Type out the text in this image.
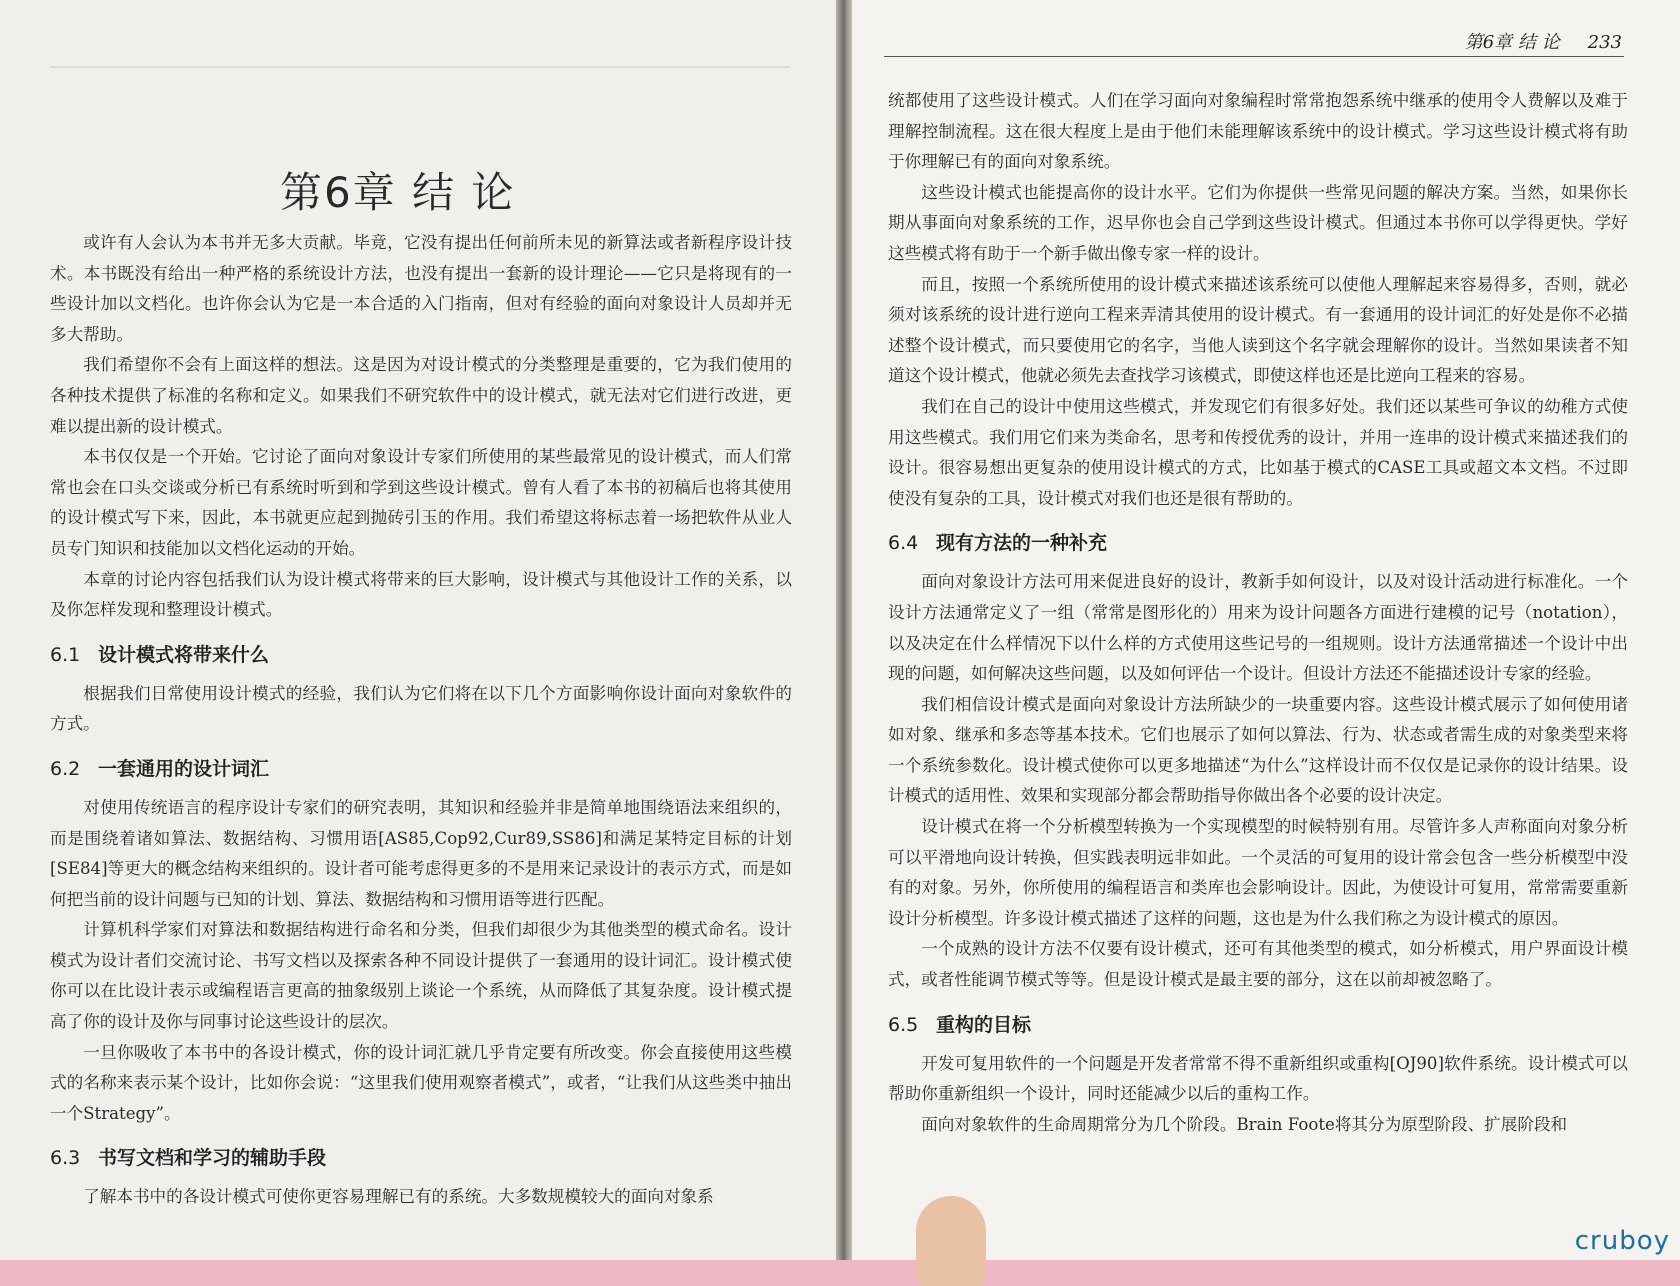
第6章 结 论

或许有人会认为本书并无多大贡献。毕竟，它没有提出任何前所未见的新算法或者新程序设计技术。本书既没有给出一种严格的系统设计方法，也没有提出一套新的设计理论——它只是将现有的一些设计加以文档化。也许你会认为它是一本合适的入门指南，但对有经验的面向对象设计人员却并无多大帮助。

我们希望你不会有上面这样的想法。这是因为对设计模式的分类整理是重要的，它为我们使用的各种技术提供了标准的名称和定义。如果我们不研究软件中的设计模式，就无法对它们进行改进，更难以提出新的设计模式。

本书仅仅是一个开始。它讨论了面向对象设计专家们所使用的某些最常见的设计模式，而人们常常也会在口头交谈或分析已有系统时听到和学到这些设计模式。曾有人看了本书的初稿后也将其使用的设计模式写下来，因此，本书就更应起到抛砖引玉的作用。我们希望这将标志着一场把软件从业人员专门知识和技能加以文档化运动的开始。

本章的讨论内容包括我们认为设计模式将带来的巨大影响，设计模式与其他设计工作的关系，以及你怎样发现和整理设计模式。

6.1 设计模式将带来什么

根据我们日常使用设计模式的经验，我们认为它们将在以下几个方面影响你设计面向对象软件的方式。

6.2 一套通用的设计词汇

对使用传统语言的程序设计专家们的研究表明，其知识和经验并非是简单地围绕语法来组织的，而是围绕着诸如算法、数据结构、习惯用语[AS85,Cop92,Cur89,SS86]和满足某特定目标的计划[SE84]等更大的概念结构来组织的。设计者可能考虑得更多的不是用来记录设计的表示方式，而是如何把当前的设计问题与已知的计划、算法、数据结构和习惯用语等进行匹配。

计算机科学家们对算法和数据结构进行命名和分类，但我们却很少为其他类型的模式命名。设计模式为设计者们交流讨论、书写文档以及探索各种不同设计提供了一套通用的设计词汇。设计模式使你可以在比设计表示或编程语言更高的抽象级别上谈论一个系统，从而降低了其复杂度。设计模式提高了你的设计及你与同事讨论这些设计的层次。

一旦你吸收了本书中的各设计模式，你的设计词汇就几乎肯定要有所改变。你会直接使用这些模式的名称来表示某个设计，比如你会说：“这里我们使用观察者模式”，或者，“让我们从这些类中抽出一个Strategy”。

6.3 书写文档和学习的辅助手段

了解本书中的各设计模式可使你更容易理解已有的系统。大多数规模较大的面向对象系

第6章 结 论 233

统都使用了这些设计模式。人们在学习面向对象编程时常常抱怨系统中继承的使用令人费解以及难于理解控制流程。这在很大程度上是由于他们未能理解该系统中的设计模式。学习这些设计模式将有助于你理解已有的面向对象系统。

这些设计模式也能提高你的设计水平。它们为你提供一些常见问题的解决方案。当然，如果你长期从事面向对象系统的工作，迟早你也会自己学到这些设计模式。但通过本书你可以学得更快。学好这些模式将有助于一个新手做出像专家一样的设计。

而且，按照一个系统所使用的设计模式来描述该系统可以使他人理解起来容易得多，否则，就必须对该系统的设计进行逆向工程来弄清其使用的设计模式。有一套通用的设计词汇的好处是你不必描述整个设计模式，而只要使用它的名字，当他人读到这个名字就会理解你的设计。当然如果读者不知道这个设计模式，他就必须先去查找学习该模式，即使这样也还是比逆向工程来的容易。

我们在自己的设计中使用这些模式，并发现它们有很多好处。我们还以某些可争议的幼稚方式使用这些模式。我们用它们来为类命名，思考和传授优秀的设计，并用一连串的设计模式来描述我们的设计。很容易想出更复杂的使用设计模式的方式，比如基于模式的CASE工具或超文本文档。不过即使没有复杂的工具，设计模式对我们也还是很有帮助的。

6.4 现有方法的一种补充

面向对象设计方法可用来促进良好的设计，教新手如何设计，以及对设计活动进行标准化。一个设计方法通常定义了一组（常常是图形化的）用来为设计问题各方面进行建模的记号（notation），以及决定在什么样情况下以什么样的方式使用这些记号的一组规则。设计方法通常描述一个设计中出现的问题，如何解决这些问题，以及如何评估一个设计。但设计方法还不能描述设计专家的经验。

我们相信设计模式是面向对象设计方法所缺少的一块重要内容。这些设计模式展示了如何使用诸如对象、继承和多态等基本技术。它们也展示了如何以算法、行为、状态或者需生成的对象类型来将一个系统参数化。设计模式使你可以更多地描述“为什么”这样设计而不仅仅是记录你的设计结果。设计模式的适用性、效果和实现部分都会帮助指导你做出各个必要的设计决定。

设计模式在将一个分析模型转换为一个实现模型的时候特别有用。尽管许多人声称面向对象分析可以平滑地向设计转换，但实践表明远非如此。一个灵活的可复用的设计常会包含一些分析模型中没有的对象。另外，你所使用的编程语言和类库也会影响设计。因此，为使设计可复用，常常需要重新设计分析模型。许多设计模式描述了这样的问题，这也是为什么我们称之为设计模式的原因。

一个成熟的设计方法不仅要有设计模式，还可有其他类型的模式，如分析模式，用户界面设计模式，或者性能调节模式等等。但是设计模式是最主要的部分，这在以前却被忽略了。

6.5 重构的目标

开发可复用软件的一个问题是开发者常常不得不重新组织或重构[OJ90]软件系统。设计模式可以帮助你重新组织一个设计，同时还能减少以后的重构工作。

面向对象软件的生命周期常分为几个阶段。Brain Foote将其分为原型阶段、扩展阶段和

cruboy
